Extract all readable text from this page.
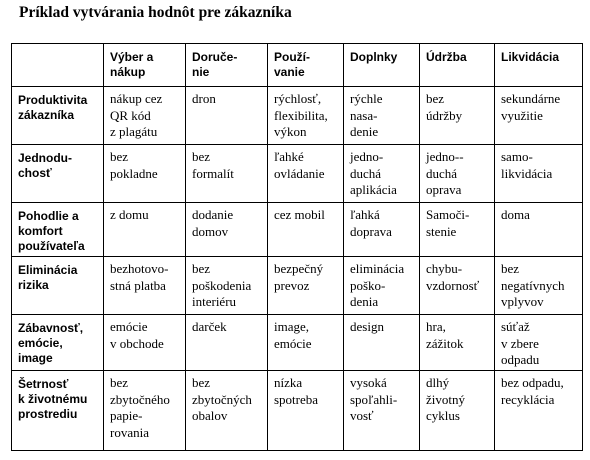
Príklad vytvárania hodnôt pre zákazníka

	Výber a
nákup	Doruče-
nie	Použí-
vanie	Doplnky	Údržba	Likvidácia

Produktivita
zákazníka	nákup cez
QR kód
z plagátu	dron	rýchlosť,
flexibilita,
výkon	rýchle
nasa-
denie	bez
údržby	sekundárne
využitie

Jednodu-
chosť	bez
pokladne	bez
formalít	ľahké
ovládanie	jedno-
duchá
aplikácia	jedno--
duchá
oprava	samo-
likvidácia

Pohodlie a
komfort
používateľa	z domu	dodanie
domov	cez mobil	ľahká
doprava	Samoči-
stenie	doma

Eliminácia
rizika	bezhotovo-
stná platba	bez
poškodenia
interiéru	bezpečný
prevoz	eliminácia
poško-
denia	chybu-
vzdornosť	bez
negatívnych
vplyvov

Zábavnosť,
emócie,
image	emócie
v obchode	darček	image,
emócie	design	hra,
zážitok	súťaž
v zbere
odpadu

Šetrnosť
k životnému
prostrediu	bez
zbytočného
papie-
rovania	bez
zbytočných
obalov	nízka
spotreba	vysoká
spoľahli-
vosť	dlhý
životný
cyklus	bez odpadu,
recyklácia
